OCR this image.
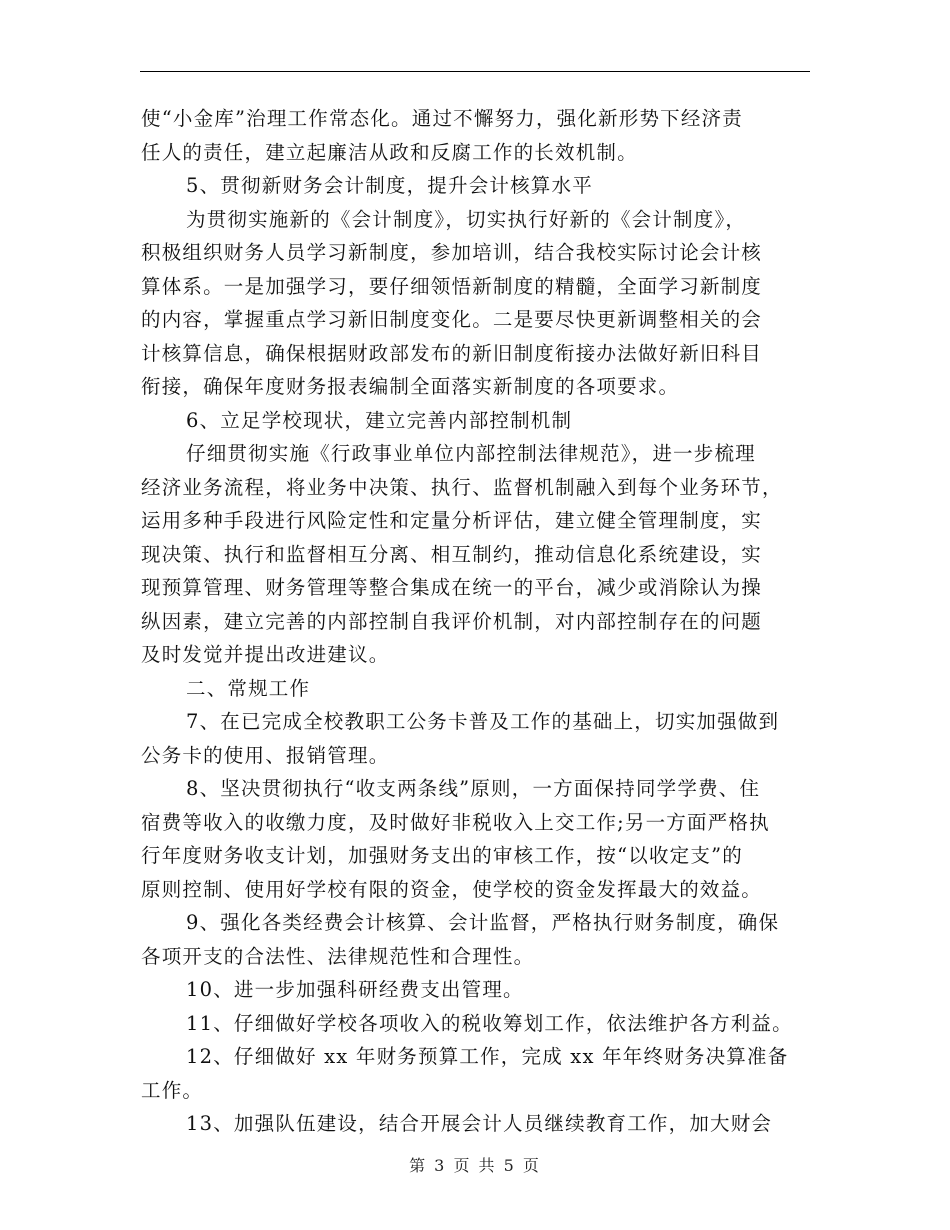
使“小金库”治理工作常态化。通过不懈努力，强化新形势下经济责
任人的责任，建立起廉洁从政和反腐工作的长效机制。
5、贯彻新财务会计制度，提升会计核算水平
为贯彻实施新的《会计制度》，切实执行好新的《会计制度》，
积极组织财务人员学习新制度，参加培训，结合我校实际讨论会计核
算体系。一是加强学习，要仔细领悟新制度的精髓，全面学习新制度
的内容，掌握重点学习新旧制度变化。二是要尽快更新调整相关的会
计核算信息，确保根据财政部发布的新旧制度衔接办法做好新旧科目
衔接，确保年度财务报表编制全面落实新制度的各项要求。
6、立足学校现状，建立完善内部控制机制
仔细贯彻实施《行政事业单位内部控制法律规范》，进一步梳理
经济业务流程，将业务中决策、执行、监督机制融入到每个业务环节，
运用多种手段进行风险定性和定量分析评估，建立健全管理制度，实
现决策、执行和监督相互分离、相互制约，推动信息化系统建设，实
现预算管理、财务管理等整合集成在统一的平台，减少或消除认为操
纵因素，建立完善的内部控制自我评价机制，对内部控制存在的问题
及时发觉并提出改进建议。
二、常规工作
7、在已完成全校教职工公务卡普及工作的基础上，切实加强做到
公务卡的使用、报销管理。
8、坚决贯彻执行“收支两条线”原则，一方面保持同学学费、住
宿费等收入的收缴力度，及时做好非税收入上交工作;另一方面严格执
行年度财务收支计划，加强财务支出的审核工作，按“以收定支”的
原则控制、使用好学校有限的资金，使学校的资金发挥最大的效益。
9、强化各类经费会计核算、会计监督，严格执行财务制度，确保
各项开支的合法性、法律规范性和合理性。
10、进一步加强科研经费支出管理。
11、仔细做好学校各项收入的税收筹划工作，依法维护各方利益。
12、仔细做好 xx 年财务预算工作，完成 xx 年年终财务决算准备
工作。
13、加强队伍建设，结合开展会计人员继续教育工作，加大财会
第 3 页 共 5 页
